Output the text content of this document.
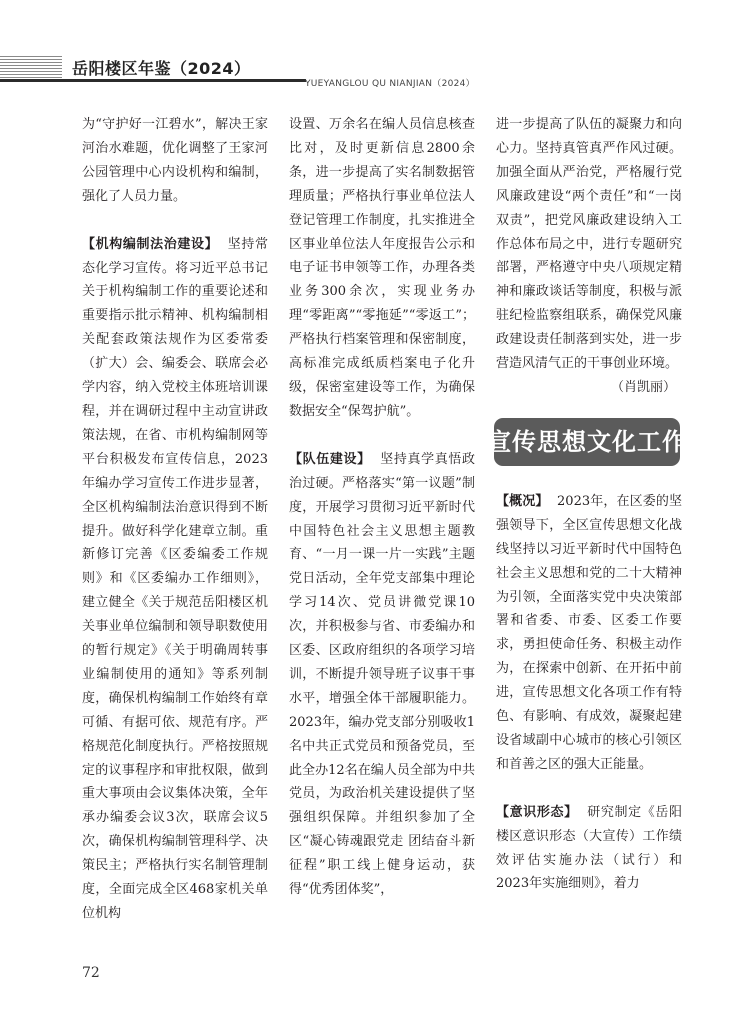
岳阳楼区年鉴（2024）
YUEYANGLOU QU NIANJIAN（2024）

为“守护好一江碧水”，解决王家河治水难题，优化调整了王家河公园管理中心内设机构和编制，强化了人员力量。

【机构编制法治建设】 坚持常态化学习宣传。将习近平总书记关于机构编制工作的重要论述和重要指示批示精神、机构编制相关配套政策法规作为区委常委（扩大）会、编委会、联席会必学内容，纳入党校主体班培训课程，并在调研过程中主动宣讲政策法规，在省、市机构编制网等平台积极发布宣传信息，2023年编办学习宣传工作进步显著，全区机构编制法治意识得到不断提升。做好科学化建章立制。重新修订完善《区委编委工作规则》和《区委编办工作细则》，建立健全《关于规范岳阳楼区机关事业单位编制和领导职数使用的暂行规定》《关于明确周转事业编制使用的通知》等系列制度，确保机构编制工作始终有章可循、有据可依、规范有序。严格规范化制度执行。严格按照规定的议事程序和审批权限，做到重大事项由会议集体决策，全年承办编委会议3次，联席会议5次，确保机构编制管理科学、决策民主；严格执行实名制管理制度，全面完成全区468家机关单位机构

设置、万余名在编人员信息核查比对，及时更新信息2800余条，进一步提高了实名制数据管理质量；严格执行事业单位法人登记管理工作制度，扎实推进全区事业单位法人年度报告公示和电子证书申领等工作，办理各类业务300余次，实现业务办理“零距离”“零拖延”“零返工”；严格执行档案管理和保密制度，高标准完成纸质档案电子化升级，保密室建设等工作，为确保数据安全“保驾护航”。

【队伍建设】 坚持真学真悟政治过硬。严格落实“第一议题”制度，开展学习贯彻习近平新时代中国特色社会主义思想主题教育、“一月一课一片一实践”主题党日活动，全年党支部集中理论学习14次、党员讲微党课10次，并积极参与省、市委编办和区委、区政府组织的各项学习培训，不断提升领导班子议事干事水平，增强全体干部履职能力。2023年，编办党支部分别吸收1名中共正式党员和预备党员，至此全办12名在编人员全部为中共党员，为政治机关建设提供了坚强组织保障。并组织参加了全区“凝心铸魂跟党走 团结奋斗新征程”职工线上健身运动，获得“优秀团体奖”，

进一步提高了队伍的凝聚力和向心力。坚持真管真严作风过硬。加强全面从严治党，严格履行党风廉政建设“两个责任”和“一岗双责”，把党风廉政建设纳入工作总体布局之中，进行专题研究部署，严格遵守中央八项规定精神和廉政谈话等制度，积极与派驻纪检监察组联系，确保党风廉政建设责任制落到实处，进一步营造风清气正的干事创业环境。

（肖凯丽）

宣传思想文化工作

【概况】 2023年，在区委的坚强领导下，全区宣传思想文化战线坚持以习近平新时代中国特色社会主义思想和党的二十大精神为引领，全面落实党中央决策部署和省委、市委、区委工作要求，勇担使命任务、积极主动作为，在探索中创新、在开拓中前进，宣传思想文化各项工作有特色、有影响、有成效，凝聚起建设省域副中心城市的核心引领区和首善之区的强大正能量。

【意识形态】 研究制定《岳阳楼区意识形态（大宣传）工作绩效评估实施办法（试行）和2023年实施细则》，着力

72
